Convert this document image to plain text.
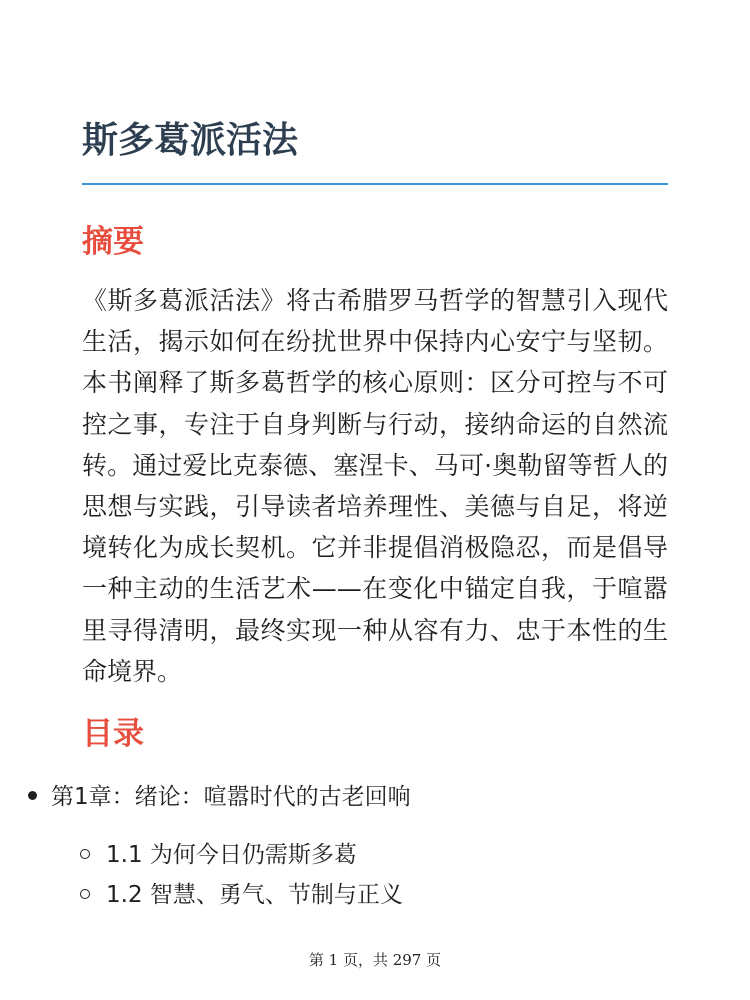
斯多葛派活法
摘要

《斯多葛派活法》将古希腊罗马哲学的智慧引入现代生活，揭示如何在纷扰世界中保持内心安宁与坚韧。本书阐释了斯多葛哲学的核心原则：区分可控与不可控之事，专注于自身判断与行动，接纳命运的自然流转。通过爱比克泰德、塞涅卡、马可·奥勒留等哲人的思想与实践，引导读者培养理性、美德与自足，将逆境转化为成长契机。它并非提倡消极隐忍，而是倡导一种主动的生活艺术——在变化中锚定自我，于喧嚣里寻得清明，最终实现一种从容有力、忠于本性的生命境界。

目录
第1章：绪论：喧嚣时代的古老回响
1.1 为何今日仍需斯多葛
1.2 智慧、勇气、节制与正义
第 1 页，共 297 页
